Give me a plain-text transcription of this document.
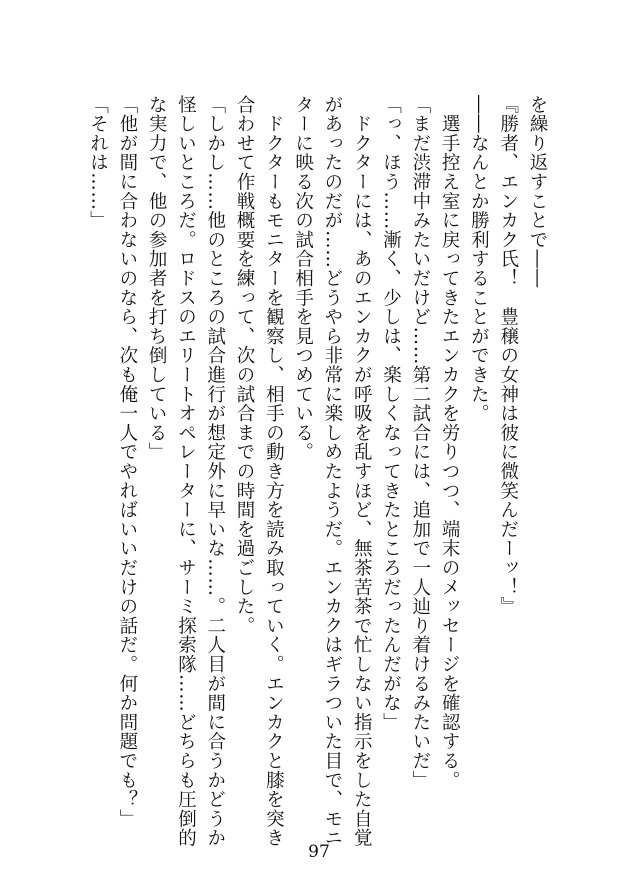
を繰り返すことで――
『勝者、エンカク氏！　豊穣の女神は彼に微笑んだーッ！』
――なんとか勝利することができた。
　選手控え室に戻ってきたエンカクを労りつつ、端末のメッセージを確認する。
「まだ渋滞中みたいだけど……第二試合には、追加で一人辿り着けるみたいだ」
「っ、ほう……漸く、少しは、楽しくなってきたところだったんだがな」
　ドクターには、あのエンカクが呼吸を乱すほど、無茶苦茶で忙しない指示をした自覚
があったのだが……どうやら非常に楽しめたようだ。エンカクはギラついた目で、モニ
ターに映る次の試合相手を見つめている。
　ドクターもモニターを観察し、相手の動き方を読み取っていく。エンカクと膝を突き
合わせて作戦概要を練って、次の試合までの時間を過ごした。
「しかし……他のところの試合進行が想定外に早いな……。二人目が間に合うかどうか
怪しいところだ。ロドスのエリートオペレーターに、サーミ探索隊……どちらも圧倒的
な実力で、他の参加者を打ち倒している」
「他が間に合わないのなら、次も俺一人でやればいいだけの話だ。何か問題でも？」
「それは……」
97
